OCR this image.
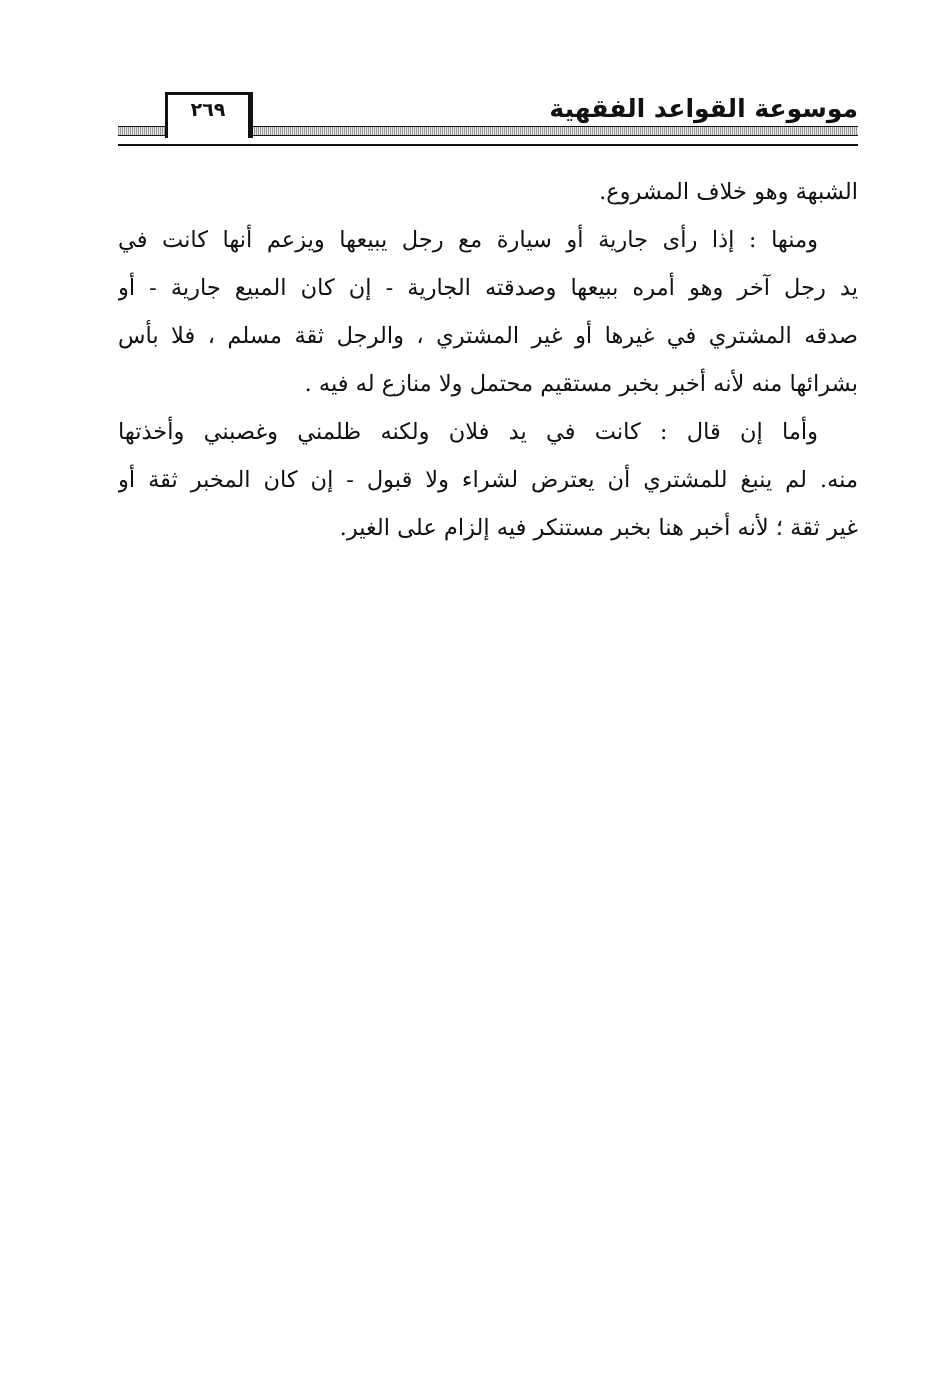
٢٦٩	موسوعة القواعد الفقهية
الشبهة وهو خلاف المشروع.
ومنها : إذا رأى جارية أو سيارة مع رجل يبيعها ويزعم أنها كانت في
يد رجل آخر وهو أمره ببيعها وصدقته الجارية - إن كان المبيع جارية - أو
صدقه المشتري في غيرها أو غير المشتري ، والرجل ثقة مسلم ، فلا بأس
بشرائها منه لأنه أخبر بخبر مستقيم محتمل ولا منازع له فيه .
وأما إن قال : كانت في يد فلان ولكنه ظلمني وغصبني وأخذتها
منه. لم ينبغ للمشتري أن يعترض لشراء ولا قبول - إن كان المخبر ثقة أو
غير ثقة ؛ لأنه أخبر هنا بخبر مستنكر فيه إلزام على الغير.
